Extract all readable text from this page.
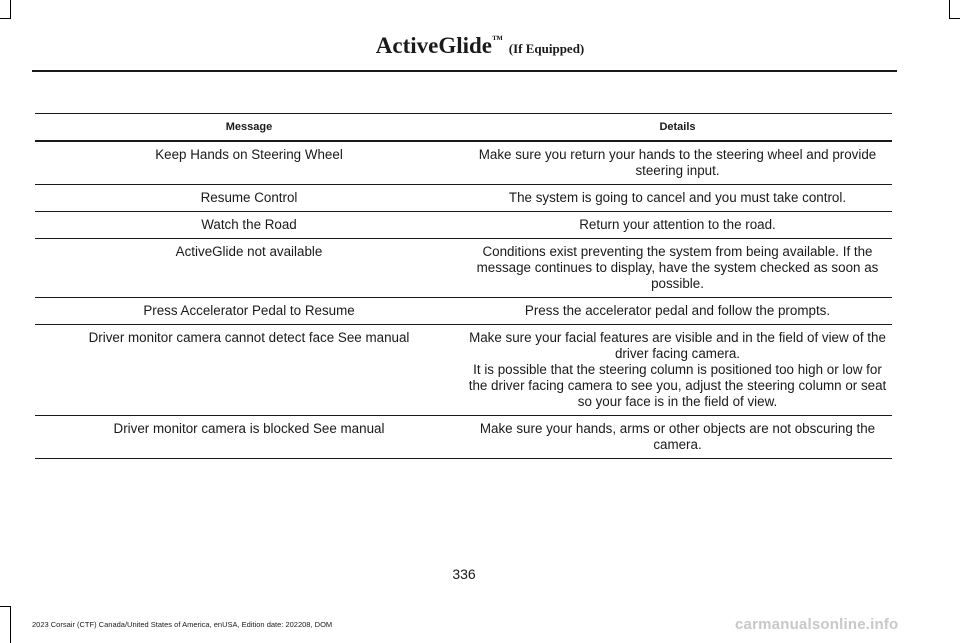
ActiveGlide™ (If Equipped)
Message	Details
Keep Hands on Steering Wheel	Make sure you return your hands to the steering wheel and provide steering input.

Resume Control	The system is going to cancel and you must take control.

Watch the Road	Return your attention to the road.

ActiveGlide not available	Conditions exist preventing the system from being available. If the message continues to display, have the system checked as soon as possible.

Press Accelerator Pedal to Resume	Press the accelerator pedal and follow the prompts.

Driver monitor camera cannot detect face See manual	Make sure your facial features are visible and in the field of view of the driver facing camera.
It is possible that the steering column is positioned too high or low for the driver facing camera to see you, adjust the steering column or seat so your face is in the field of view.

Driver monitor camera is blocked See manual	Make sure your hands, arms or other objects are not obscuring the camera.
336
2023 Corsair (CTF) Canada/United States of America, enUSA, Edition date: 202208, DOM	carmanualsonline.info
